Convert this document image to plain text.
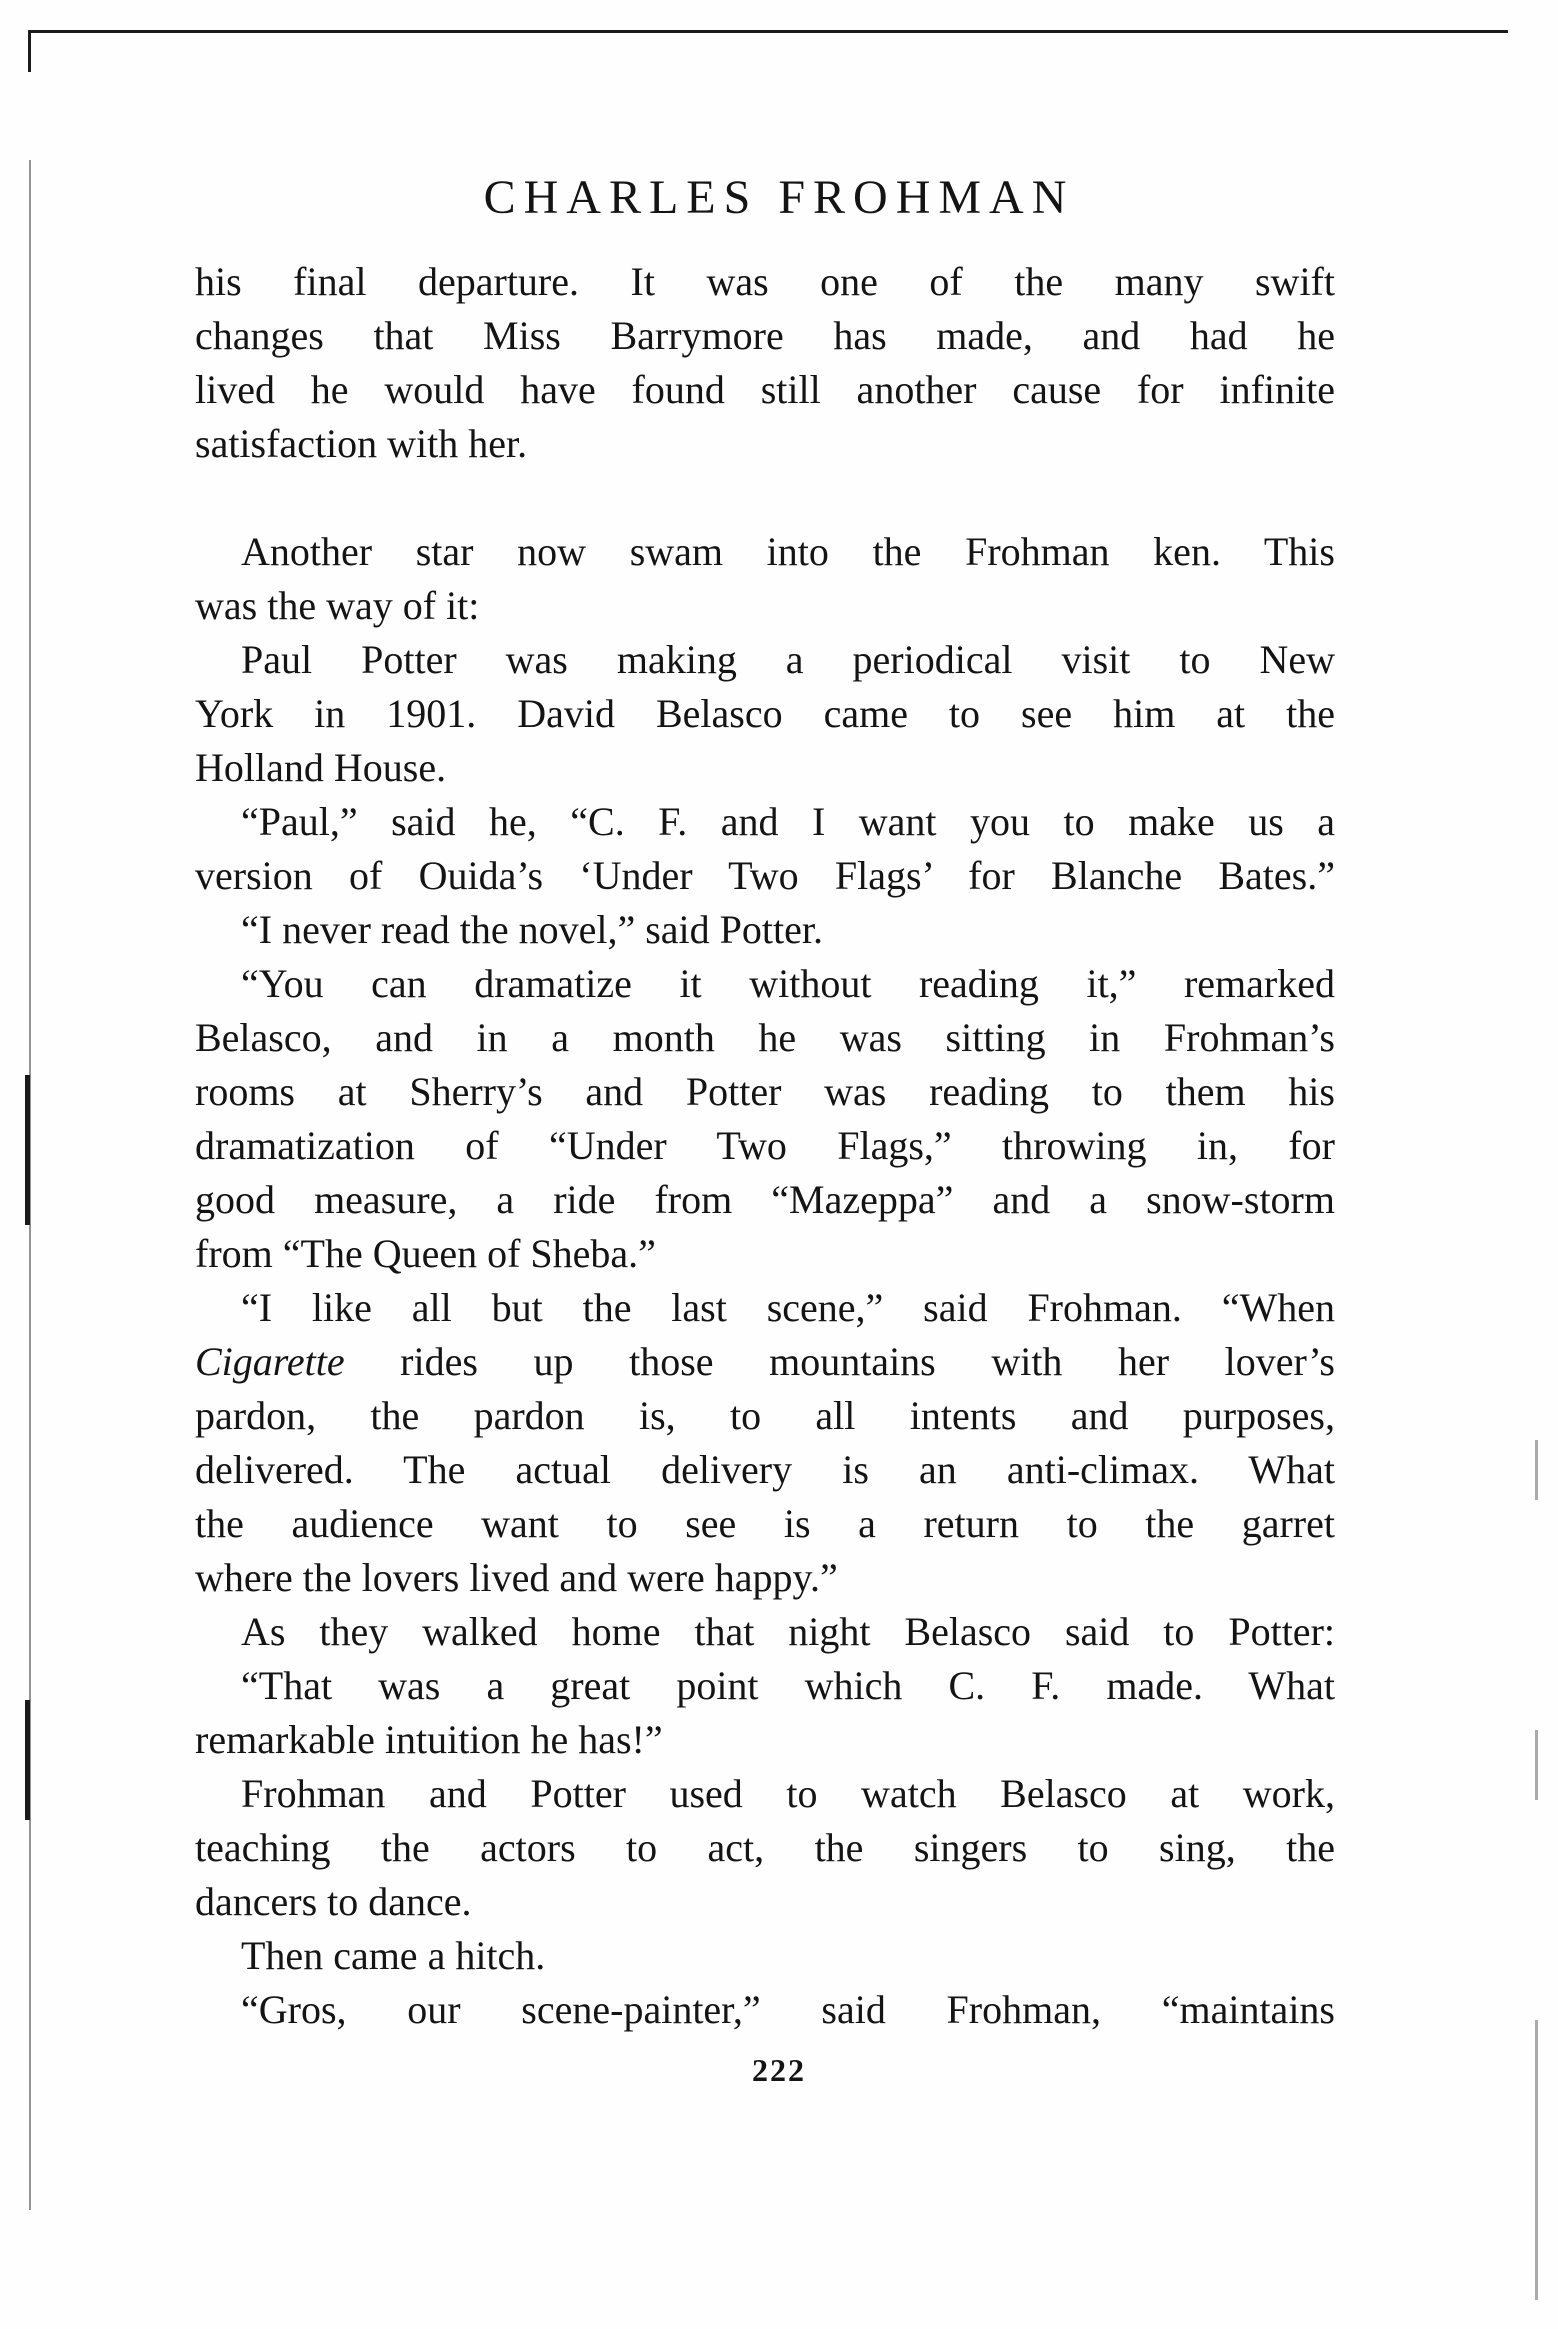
CHARLES FROHMAN
his final departure. It was one of the many swift
changes that Miss Barrymore has made, and had he
lived he would have found still another cause for infinite
satisfaction with her.
Another star now swam into the Frohman ken. This
was the way of it:
Paul Potter was making a periodical visit to New
York in 1901. David Belasco came to see him at the
Holland House.
“Paul,” said he, “C. F. and I want you to make us a
version of Ouida’s ‘Under Two Flags’ for Blanche Bates.”
“I never read the novel,” said Potter.
“You can dramatize it without reading it,” remarked
Belasco, and in a month he was sitting in Frohman’s
rooms at Sherry’s and Potter was reading to them his
dramatization of “Under Two Flags,” throwing in, for
good measure, a ride from “Mazeppa” and a snow-storm
from “The Queen of Sheba.”
“I like all but the last scene,” said Frohman. “When
Cigarette rides up those mountains with her lover’s
pardon, the pardon is, to all intents and purposes,
delivered. The actual delivery is an anti-climax. What
the audience want to see is a return to the garret
where the lovers lived and were happy.”
As they walked home that night Belasco said to Potter:
“That was a great point which C. F. made. What
remarkable intuition he has!”
Frohman and Potter used to watch Belasco at work,
teaching the actors to act, the singers to sing, the
dancers to dance.
Then came a hitch.
“Gros, our scene-painter,” said Frohman, “maintains
222
